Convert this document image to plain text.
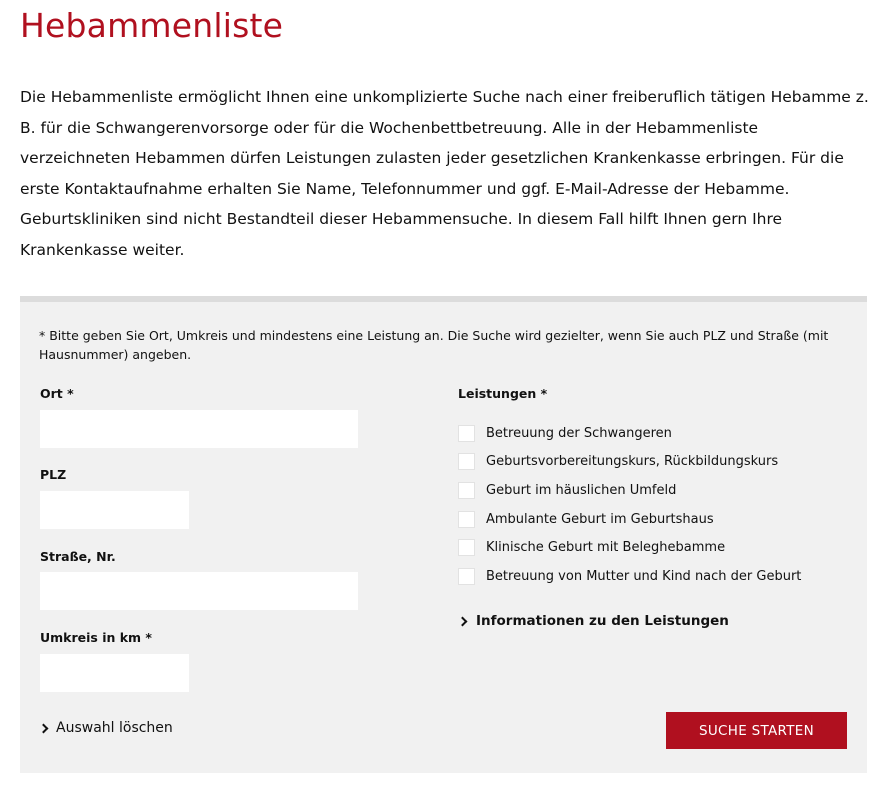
Hebammenliste

Die Hebammenliste ermöglicht Ihnen eine unkomplizierte Suche nach einer freiberuflich tätigen Hebamme z. B. für die Schwangerenvorsorge oder für die Wochenbettbetreuung. Alle in der Hebammenliste verzeichneten Hebammen dürfen Leistungen zulasten jeder gesetzlichen Krankenkasse erbringen. Für die erste Kontaktaufnahme erhalten Sie Name, Telefonnummer und ggf. E-Mail-Adresse der Hebamme. Geburtskliniken sind nicht Bestandteil dieser Hebammensuche. In diesem Fall hilft Ihnen gern Ihre Krankenkasse weiter.

* Bitte geben Sie Ort, Umkreis und mindestens eine Leistung an. Die Suche wird gezielter, wenn Sie auch PLZ und Straße (mit Hausnummer) angeben.

Ort *
PLZ
Straße, Nr.
Umkreis in km *
Leistungen *
Betreuung der Schwangeren
Geburtsvorbereitungskurs, Rückbildungskurs
Geburt im häuslichen Umfeld
Ambulante Geburt im Geburtshaus
Klinische Geburt mit Beleghebamme
Betreuung von Mutter und Kind nach der Geburt
Informationen zu den Leistungen
Auswahl löschen	SUCHE STARTEN
